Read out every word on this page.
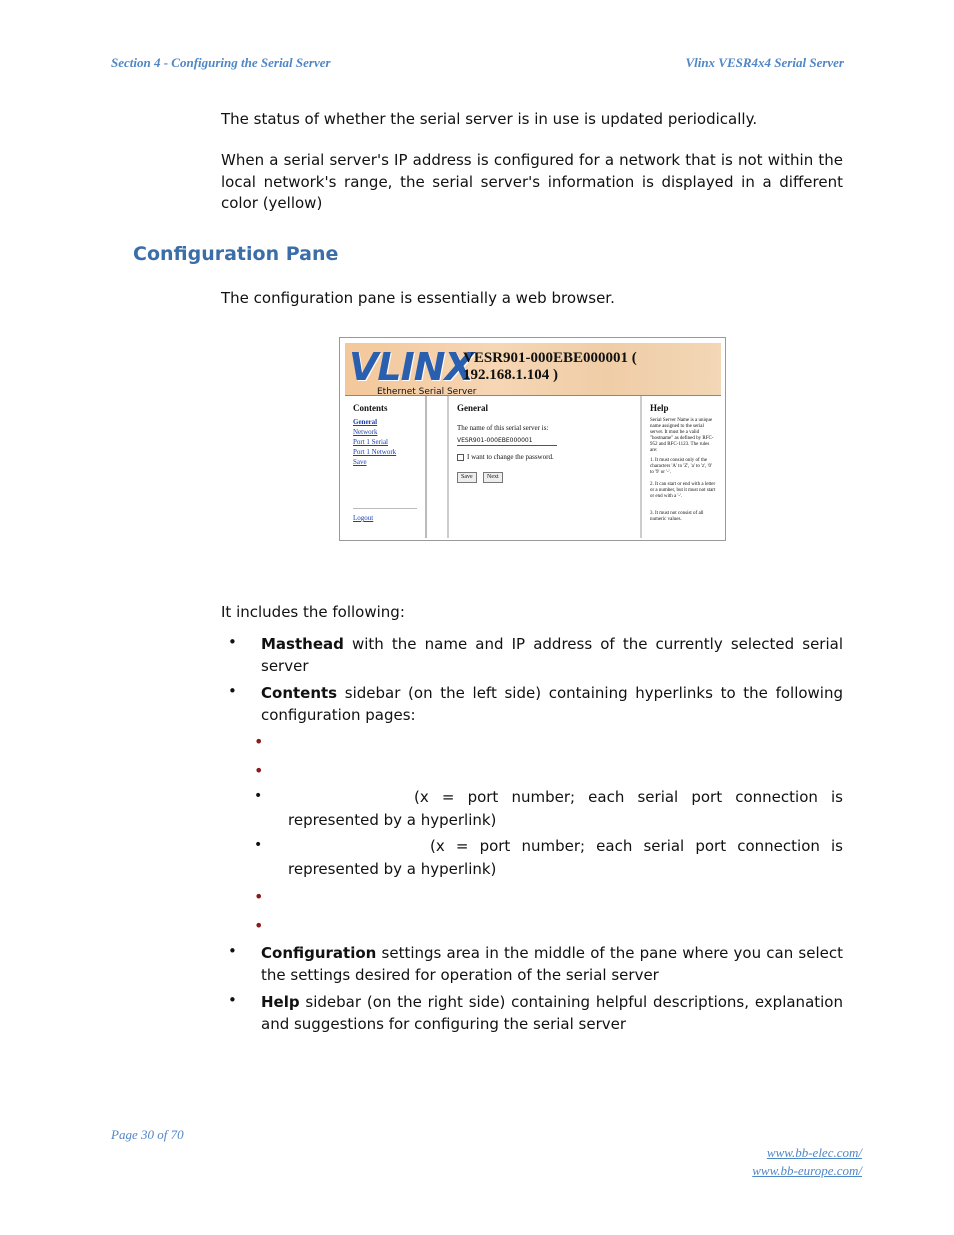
Section 4 - Configuring the Serial Server	Vlinx VESR4x4 Serial Server

The status of whether the serial server is in use is updated periodically.

When a serial server's IP address is configured for a network that is not within the local network's range, the serial server's information is displayed in a different color (yellow)

Configuration Pane

The configuration pane is essentially a web browser.

VLINX
VESR901-000EBE000001 ( 192.168.1.104 )
Ethernet Serial Server
Contents
General
Network
Port 1 Serial
Port 1 Network
Save
Logout
General
The name of this serial server is:
VESR901-000EBE000001
I want to change the password.
Save	Next
Help
Serial Server Name is a unique name assigned to the serial server. It must be a valid "hostname" as defined by RFC-952 and RFC-1123. The rules are:
1. It must consist only of the characters 'A' to 'Z', 'a' to 'z', '0' to '9' or '-'.
2. It can start or end with a letter or a number, but it must not start or end with a '-'.
3. It must not consist of all numeric values.

It includes the following:

• Masthead with the name and IP address of the currently selected serial server

• Contents sidebar (on the left side) containing hyperlinks to the following configuration pages:

•
•
•	(x = port number; each serial port connection is represented by a hyperlink)

•	(x = port number; each serial port connection is represented by a hyperlink)

•
•
• Configuration settings area in the middle of the pane where you can select the settings desired for operation of the serial server

• Help sidebar (on the right side) containing helpful descriptions, explanation and suggestions for configuring the serial server

Page 30 of 70
www.bb-elec.com/
www.bb-europe.com/
